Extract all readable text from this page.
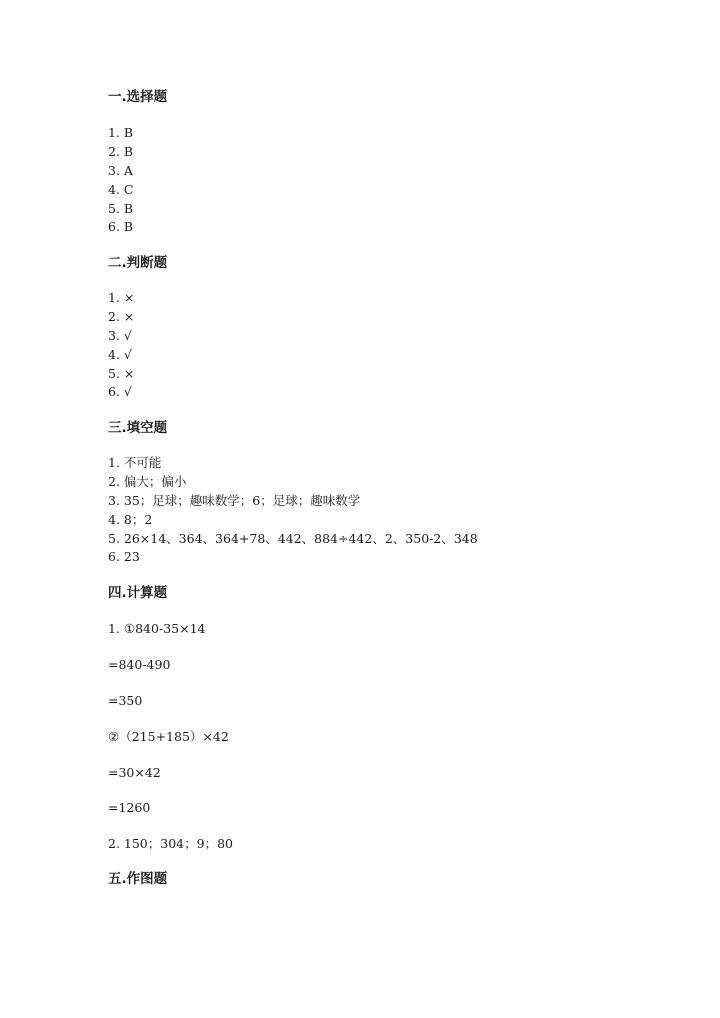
一.选择题
1. B
2. B
3. A
4. C
5. B
6. B
二.判断题
1. ×
2. ×
3. √
4. √
5. ×
6. √
三.填空题
1. 不可能
2. 偏大；偏小
3. 35；足球；趣味数学；6；足球；趣味数学
4. 8；2
5. 26×14、364、364+78、442、884÷442、2、350-2、348
6. 23
四.计算题
1. ①840-35×14
=840-490
=350
②（215+185）×42
=30×42
=1260
2. 150；304；9；80
五.作图题
